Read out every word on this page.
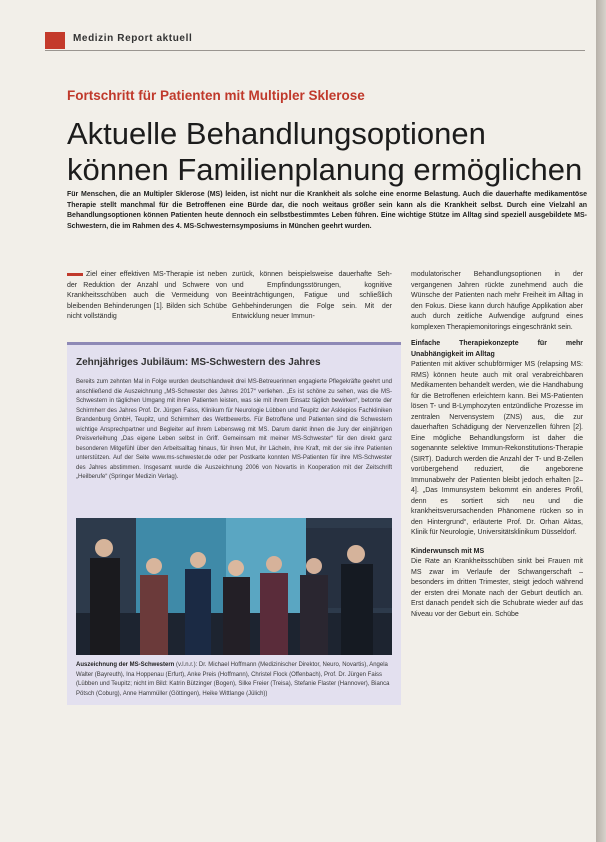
Medizin Report aktuell
Fortschritt für Patienten mit Multipler Sklerose
Aktuelle Behandlungsoptionen können Familienplanung ermöglichen
Für Menschen, die an Multipler Sklerose (MS) leiden, ist nicht nur die Krankheit als solche eine enorme Belastung. Auch die dauerhafte medikamentöse Therapie stellt manchmal für die Betroffenen eine Bürde dar, die noch weitaus größer sein kann als die Krankheit selbst. Durch eine Vielzahl an Behandlungsoptionen können Patienten heute dennoch ein selbstbestimmtes Leben führen. Eine wichtige Stütze im Alltag sind speziell ausgebildete MS-Schwestern, die im Rahmen des 4. MS-Schwesternsymposiums in München geehrt wurden.
Ziel einer effektiven MS-Therapie ist neben der Reduktion der Anzahl und Schwere von Krankheitsschüben auch die Vermeidung von bleibenden Behinderungen [1]. Bilden sich Schübe nicht vollständig
zurück, können beispielsweise dauerhafte Seh- und Empfindungsstörungen, kognitive Beeinträchtigungen, Fatigue und schließlich Gehbehinderungen die Folge sein. Mit der Entwicklung neuer Immun-

modulatorischer Behandlungsoptionen in der vergangenen Jahren rückte zunehmend auch die Wünsche der Patienten nach mehr Freiheit im Alltag in den Fokus. Diese kann durch häufige Applikation aber auch durch zeitliche Aufwendige aufgrund eines komplexen Therapiemonitorings eingeschränkt sein.

Einfache Therapiekonzepte für mehr Unabhängigkeit im Alltag

Patienten mit aktiver schubförmiger MS (relapsing MS: RMS) können heute auch mit oral verabreichbaren Medikamenten behandelt werden, wie die Handhabung für die Betroffenen erleichtern kann. Bei MS-Patienten lösen T- und B-Lymphozyten entzündliche Prozesse im zentralen Nervensystem (ZNS) aus, die zur dauerhaften Schädigung der Nervenzellen führen [2]. Eine mögliche Behandlungsform ist daher die sogenannte selektive Immun-Rekonstitutions-Therapie (SIRT). Dadurch werden die Anzahl der T- und B-Zellen vorübergehend reduziert, die angeborene Immunabwehr der Patienten bleibt jedoch erhalten [2–4]. „Das Immunsystem bekommt ein anderes Profil, denn es sortiert sich neu und die krankheitsverursachenden Phänomene rücken so in den Hintergrund“, erläuterte Prof. Dr. Orhan Aktas, Klinik für Neurologie, Universitätsklinikum Düsseldorf.

Kinderwunsch mit MS

Die Rate an Krankheitsschüben sinkt bei Frauen mit MS zwar im Verlaufe der Schwangerschaft – besonders im dritten Trimester, steigt jedoch während der ersten drei Monate nach der Geburt deutlich an. Erst danach pendelt sich die Schubrate wieder auf das Niveau vor der Geburt ein. Schübe

Zehnjähriges Jubiläum: MS-Schwestern des Jahres
Bereits zum zehnten Mal in Folge wurden deutschlandweit drei MS-Betreuerinnen engagierte Pflegekräfte geehrt und anschließend die Auszeichnung „MS-Schwester des Jahres 2017“ verliehen. „Es ist schöne zu sehen, was die MS-Schwestern in täglichen Umgang mit ihren Patienten leisten, was sie mit ihrem Einsatz täglich bewirken“, betonte der Schirmherr des Jahres Prof. Dr. Jürgen Faiss, Klinikum für Neurologie Lübben und Teupitz der Asklepios Fachkliniken Brandenburg GmbH, Teupitz, und Schirmherr des Wettbewerbs. Für Betroffene und Patienten sind die Schwestern wichtige Ansprechpartner und Begleiter auf ihrem Lebensweg mit MS. Darum dankt ihnen die Jury der einjährigen Preisverleihung „Das eigene Leben selbst in Griff. Gemeinsam mit meiner MS-Schwester“ für den direkt ganz besonderen Mitgefühl über den Arbeitsalltag hinaus, für ihren Mut, ihr Lächeln, ihre Kraft, mit der sie ihre Patienten unterstützen. Auf der Seite www.ms-schwester.de oder per Postkarte konnten MS-Patienten für ihre MS-Schwester des Jahres abstimmen. Insgesamt wurde die Auszeichnung 2006 von Novartis in Kooperation mit der Zeitschrift „Heilberufe“ (Springer Medizin Verlag).
Auszeichnung der MS-Schwestern (v.l.n.r.): Dr. Michael Hoffmann (Medizinischer Direktor, Neuro, Novartis), Angela Walter (Bayreuth), Ina Hoppenau (Erfurt), Anke Preis (Hoffmann), Christel Flock (Offenbach), Prof. Dr. Jürgen Faiss (Lübben und Teupitz; nicht im Bild: Katrin Bützinger (Bogen), Silke Freier (Treisa), Stefanie Flaster (Hannover), Bianca Pötsch (Coburg), Anne Hammüller (Göttingen), Heike Wittlange (Jülich))
